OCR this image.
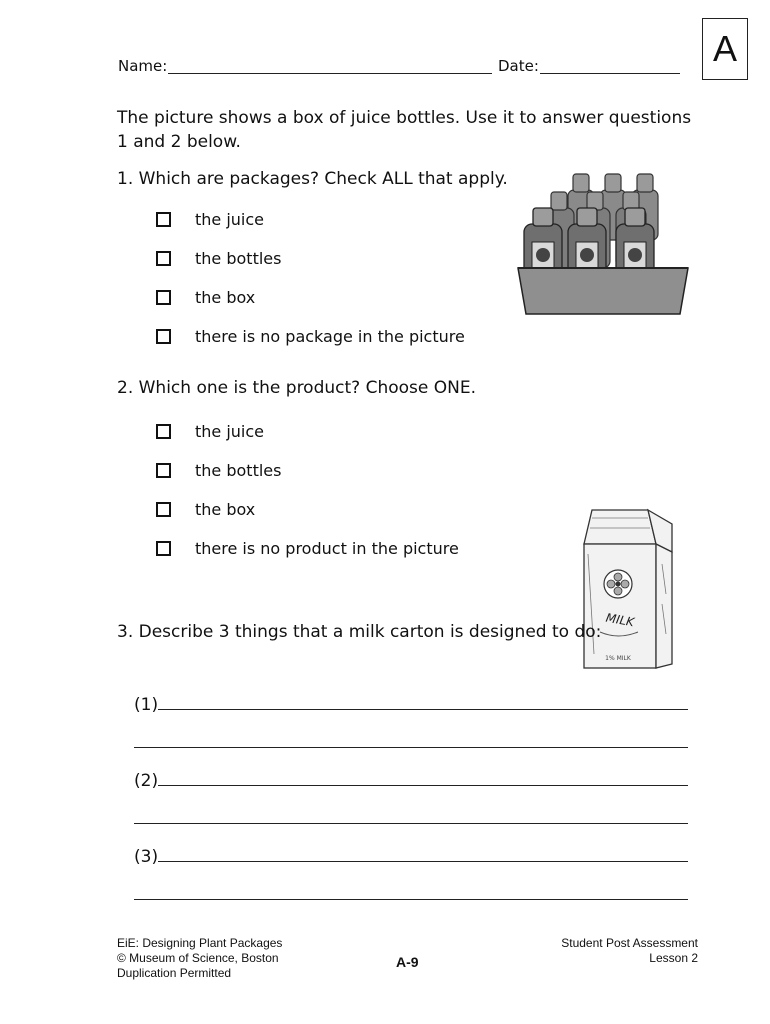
Name:	Date:	A
The picture shows a box of juice bottles. Use it to answer questions 1 and 2 below.
1. Which are packages? Check ALL that apply.
the juice
the bottles
the box
there is no package in the picture
2. Which one is the product? Choose ONE.
the juice
the bottles
the box
there is no product in the picture
MILK
1% MILK
3. Describe 3 things that a milk carton is designed to do:
(1)
(2)
(3)
EiE: Designing Plant Packages
© Museum of Science, Boston
Duplication Permitted
A-9
Student Post Assessment
Lesson 2
